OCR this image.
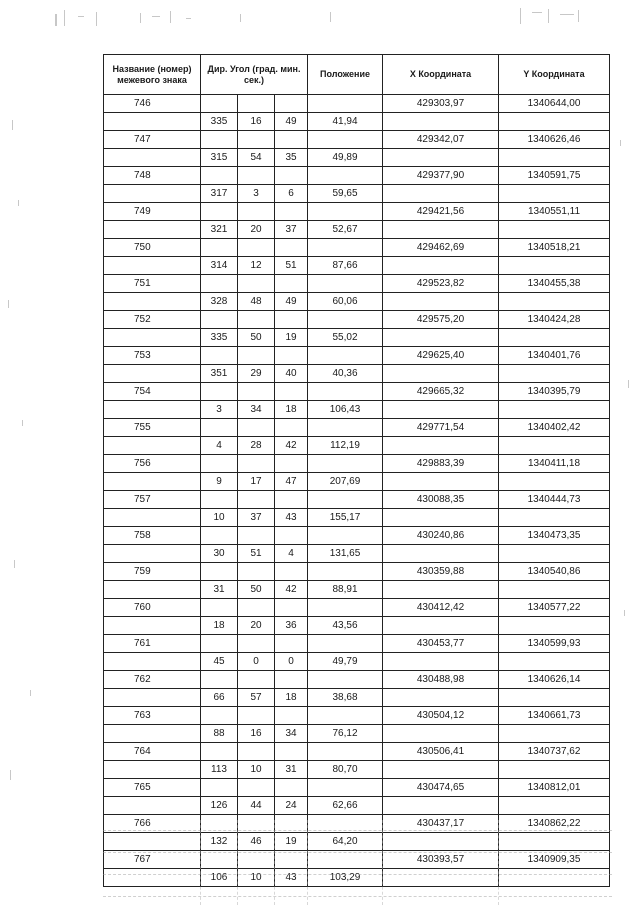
Название (номер) межевого знака	Дир. Угол (град. мин. сек.)			Положение	X Координата	Y Координата
746					429303,97	1340644,00
	335	16	49	41,94		
747					429342,07	1340626,46
	315	54	35	49,89		
748					429377,90	1340591,75
	317	3	6	59,65		
749					429421,56	1340551,11
	321	20	37	52,67		
750					429462,69	1340518,21
	314	12	51	87,66		
751					429523,82	1340455,38
	328	48	49	60,06		
752					429575,20	1340424,28
	335	50	19	55,02		
753					429625,40	1340401,76
	351	29	40	40,36		
754					429665,32	1340395,79
	3	34	18	106,43		
755					429771,54	1340402,42
	4	28	42	112,19		
756					429883,39	1340411,18
	9	17	47	207,69		
757					430088,35	1340444,73
	10	37	43	155,17		
758					430240,86	1340473,35
	30	51	4	131,65		
759					430359,88	1340540,86
	31	50	42	88,91		
760					430412,42	1340577,22
	18	20	36	43,56		
761					430453,77	1340599,93
	45	0	0	49,79		
762					430488,98	1340626,14
	66	57	18	38,68		
763					430504,12	1340661,73
	88	16	34	76,12		
764					430506,41	1340737,62
	113	10	31	80,70		
765					430474,65	1340812,01
	126	44	24	62,66		
766					430437,17	1340862,22
	132	46	19	64,20		
767					430393,57	1340909,35
	106	10	43	103,29		
